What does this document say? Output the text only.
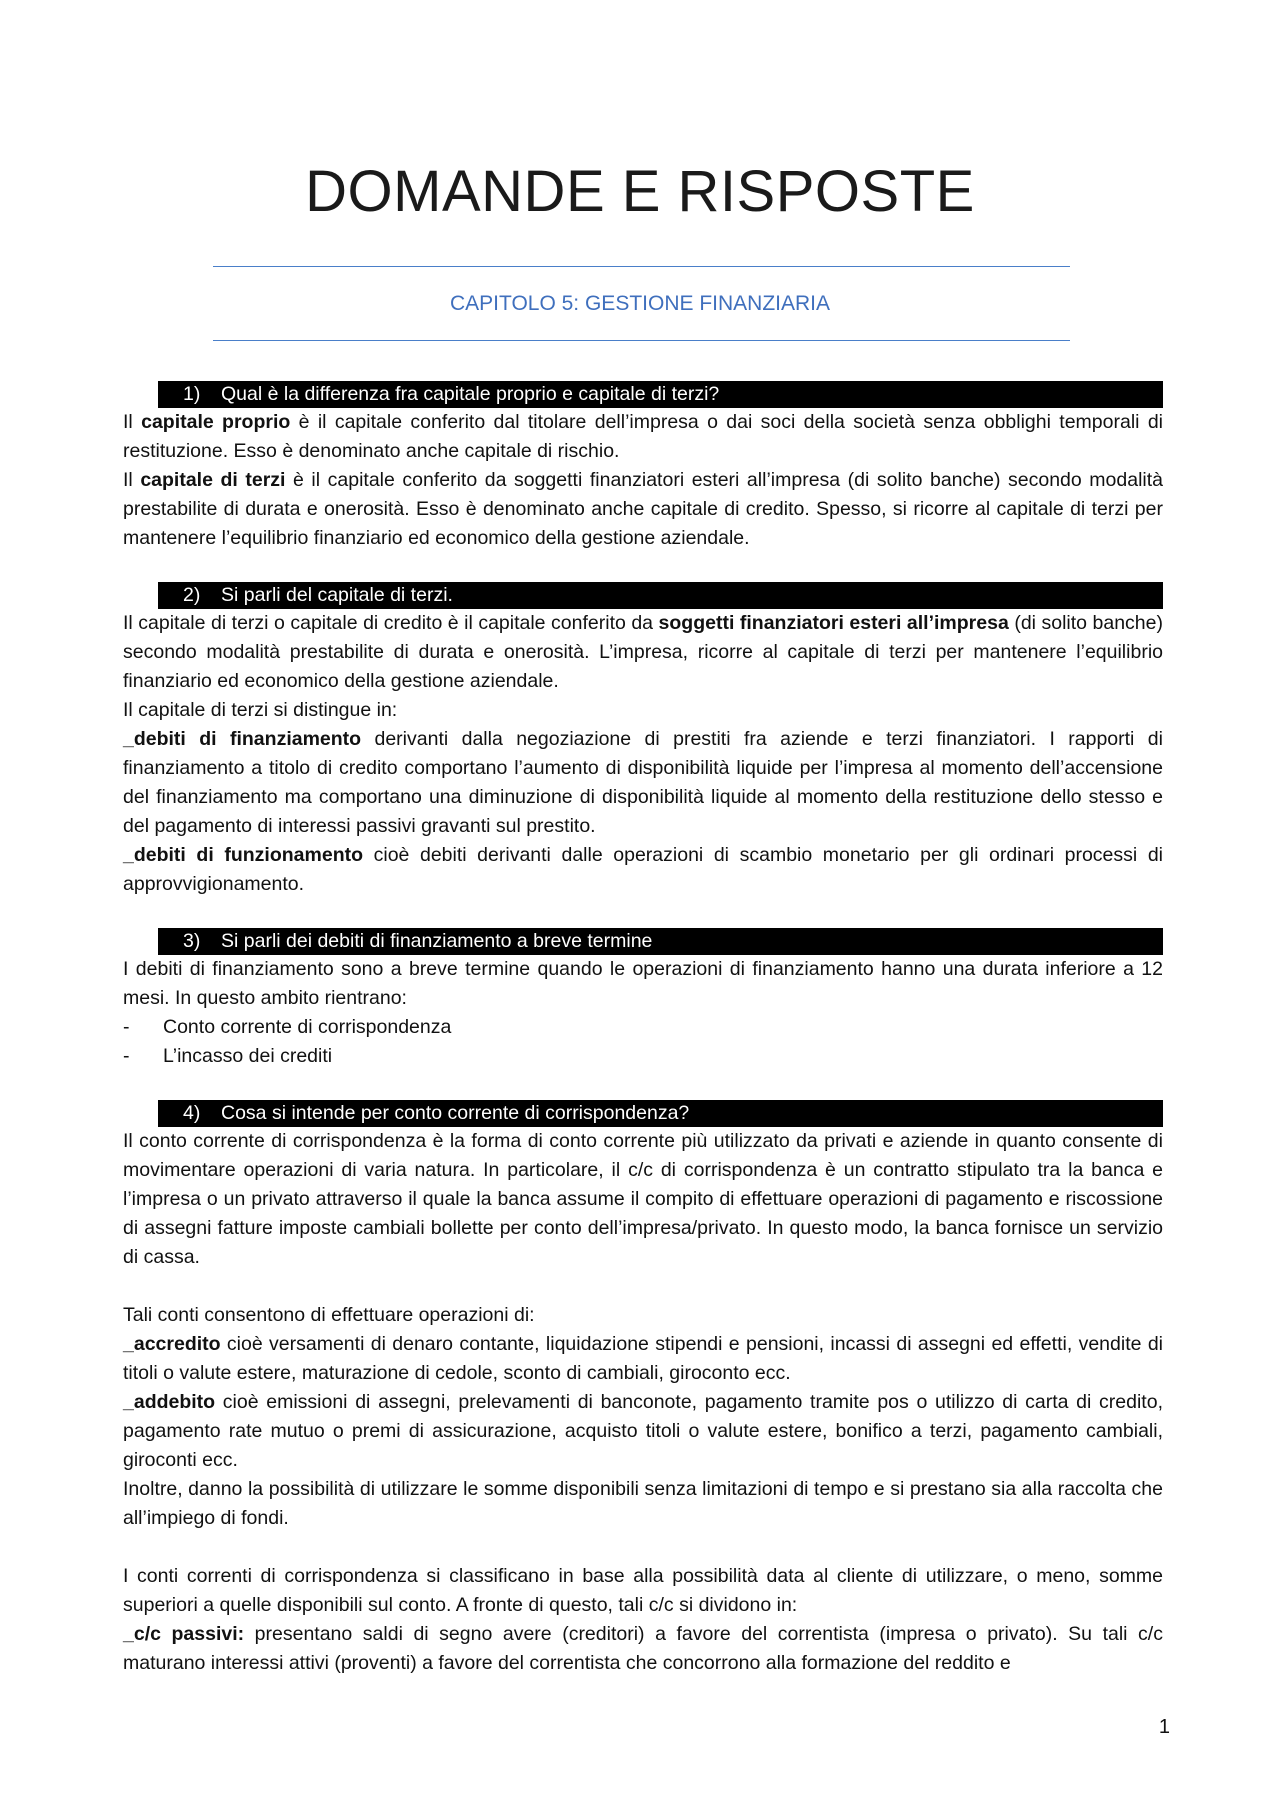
DOMANDE E RISPOSTE
CAPITOLO 5: GESTIONE FINANZIARIA
1) Qual è la differenza fra capitale proprio e capitale di terzi?

Il capitale proprio è il capitale conferito dal titolare dell’impresa o dai soci della società senza obblighi temporali di restituzione. Esso è denominato anche capitale di rischio.

Il capitale di terzi è il capitale conferito da soggetti finanziatori esteri all’impresa (di solito banche) secondo modalità prestabilite di durata e onerosità. Esso è denominato anche capitale di credito. Spesso, si ricorre al capitale di terzi per mantenere l’equilibrio finanziario ed economico della gestione aziendale.

2) Si parli del capitale di terzi.

Il capitale di terzi o capitale di credito è il capitale conferito da soggetti finanziatori esteri all’impresa (di solito banche) secondo modalità prestabilite di durata e onerosità. L’impresa, ricorre al capitale di terzi per mantenere l’equilibrio finanziario ed economico della gestione aziendale.

Il capitale di terzi si distingue in:

_debiti di finanziamento derivanti dalla negoziazione di prestiti fra aziende e terzi finanziatori. I rapporti di finanziamento a titolo di credito comportano l’aumento di disponibilità liquide per l’impresa al momento dell’accensione del finanziamento ma comportano una diminuzione di disponibilità liquide al momento della restituzione dello stesso e del pagamento di interessi passivi gravanti sul prestito.

_debiti di funzionamento cioè debiti derivanti dalle operazioni di scambio monetario per gli ordinari processi di approvvigionamento.

3) Si parli dei debiti di finanziamento a breve termine

I debiti di finanziamento sono a breve termine quando le operazioni di finanziamento hanno una durata inferiore a 12 mesi. In questo ambito rientrano:

-	Conto corrente di corrispondenza
-	L’incasso dei crediti
4) Cosa si intende per conto corrente di corrispondenza?

Il conto corrente di corrispondenza è la forma di conto corrente più utilizzato da privati e aziende in quanto consente di movimentare operazioni di varia natura. In particolare, il c/c di corrispondenza è un contratto stipulato tra la banca e l’impresa o un privato attraverso il quale la banca assume il compito di effettuare operazioni di pagamento e riscossione di assegni fatture imposte cambiali bollette per conto dell’impresa/privato. In questo modo, la banca fornisce un servizio di cassa.

Tali conti consentono di effettuare operazioni di:

_accredito cioè versamenti di denaro contante, liquidazione stipendi e pensioni, incassi di assegni ed effetti, vendite di titoli o valute estere, maturazione di cedole, sconto di cambiali, giroconto ecc.

_addebito cioè emissioni di assegni, prelevamenti di banconote, pagamento tramite pos o utilizzo di carta di credito, pagamento rate mutuo o premi di assicurazione, acquisto titoli o valute estere, bonifico a terzi, pagamento cambiali, giroconti ecc.

Inoltre, danno la possibilità di utilizzare le somme disponibili senza limitazioni di tempo e si prestano sia alla raccolta che all’impiego di fondi.

I conti correnti di corrispondenza si classificano in base alla possibilità data al cliente di utilizzare, o meno, somme superiori a quelle disponibili sul conto. A fronte di questo, tali c/c si dividono in:

_c/c passivi: presentano saldi di segno avere (creditori) a favore del correntista (impresa o privato). Su tali c/c maturano interessi attivi (proventi) a favore del correntista che concorrono alla formazione del reddito e

1
